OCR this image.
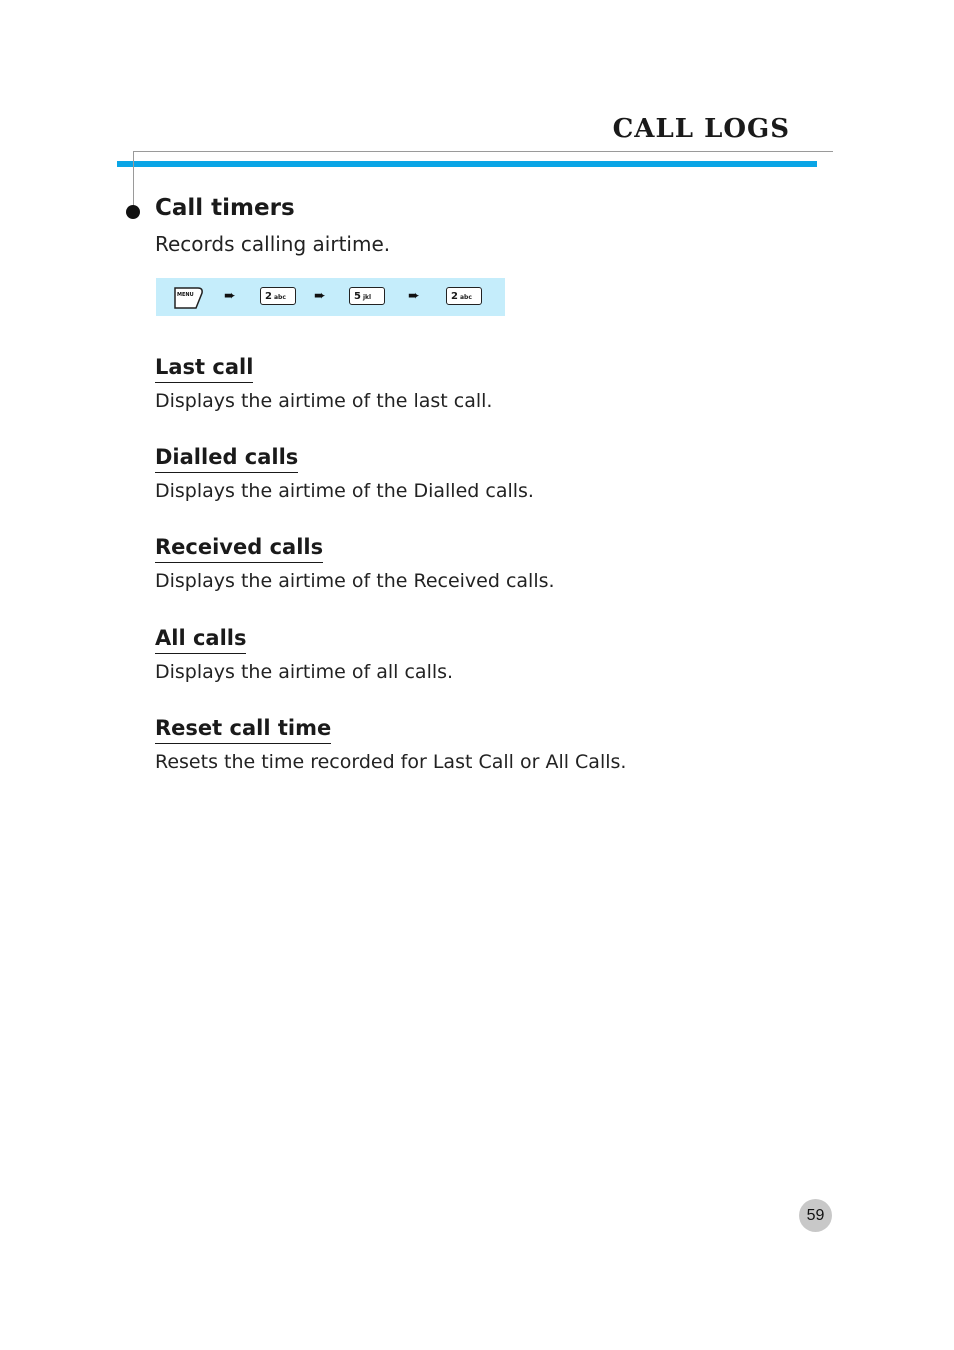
CALL LOGS
Call timers
Records calling airtime.
MENU ➨	2 abc	➨	5 jkl	➨	2 abc
Last call
Displays the airtime of the last call.
Dialled calls
Displays the airtime of the Dialled calls.
Received calls
Displays the airtime of the Received calls.
All calls
Displays the airtime of all calls.
Reset call time
Resets the time recorded for Last Call or All Calls.
59
